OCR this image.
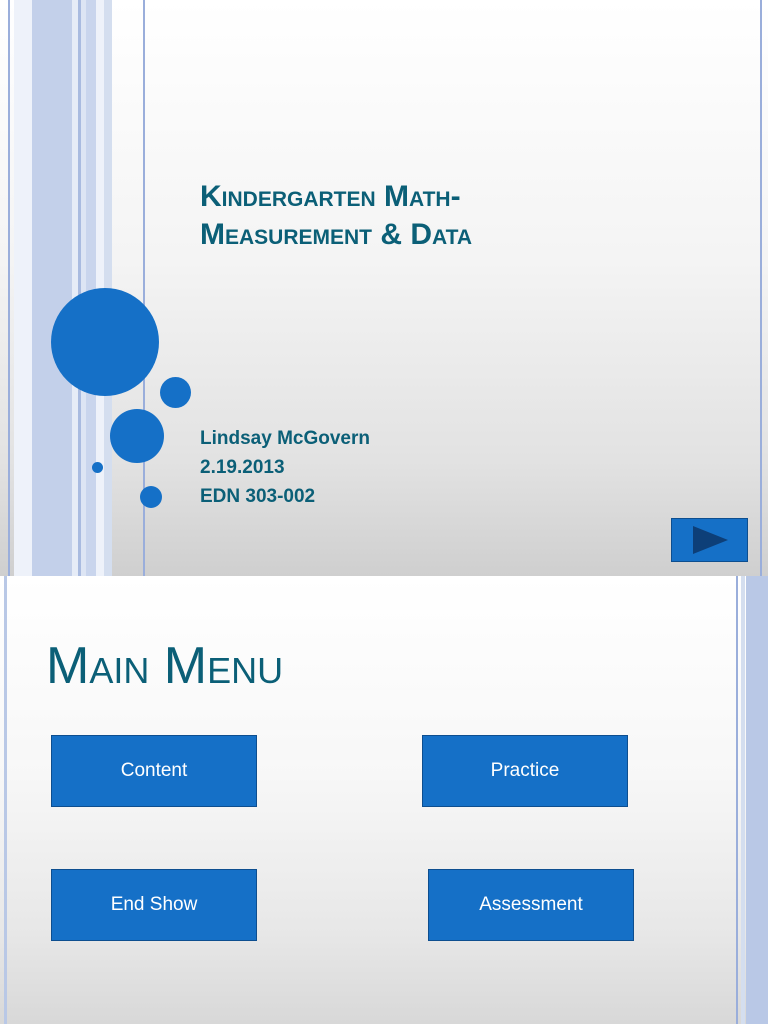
Kindergarten Math-
Measurement & Data
Lindsay McGovern
2.19.2013
EDN 303-002
Main Menu
Content	Practice
End Show	Assessment
